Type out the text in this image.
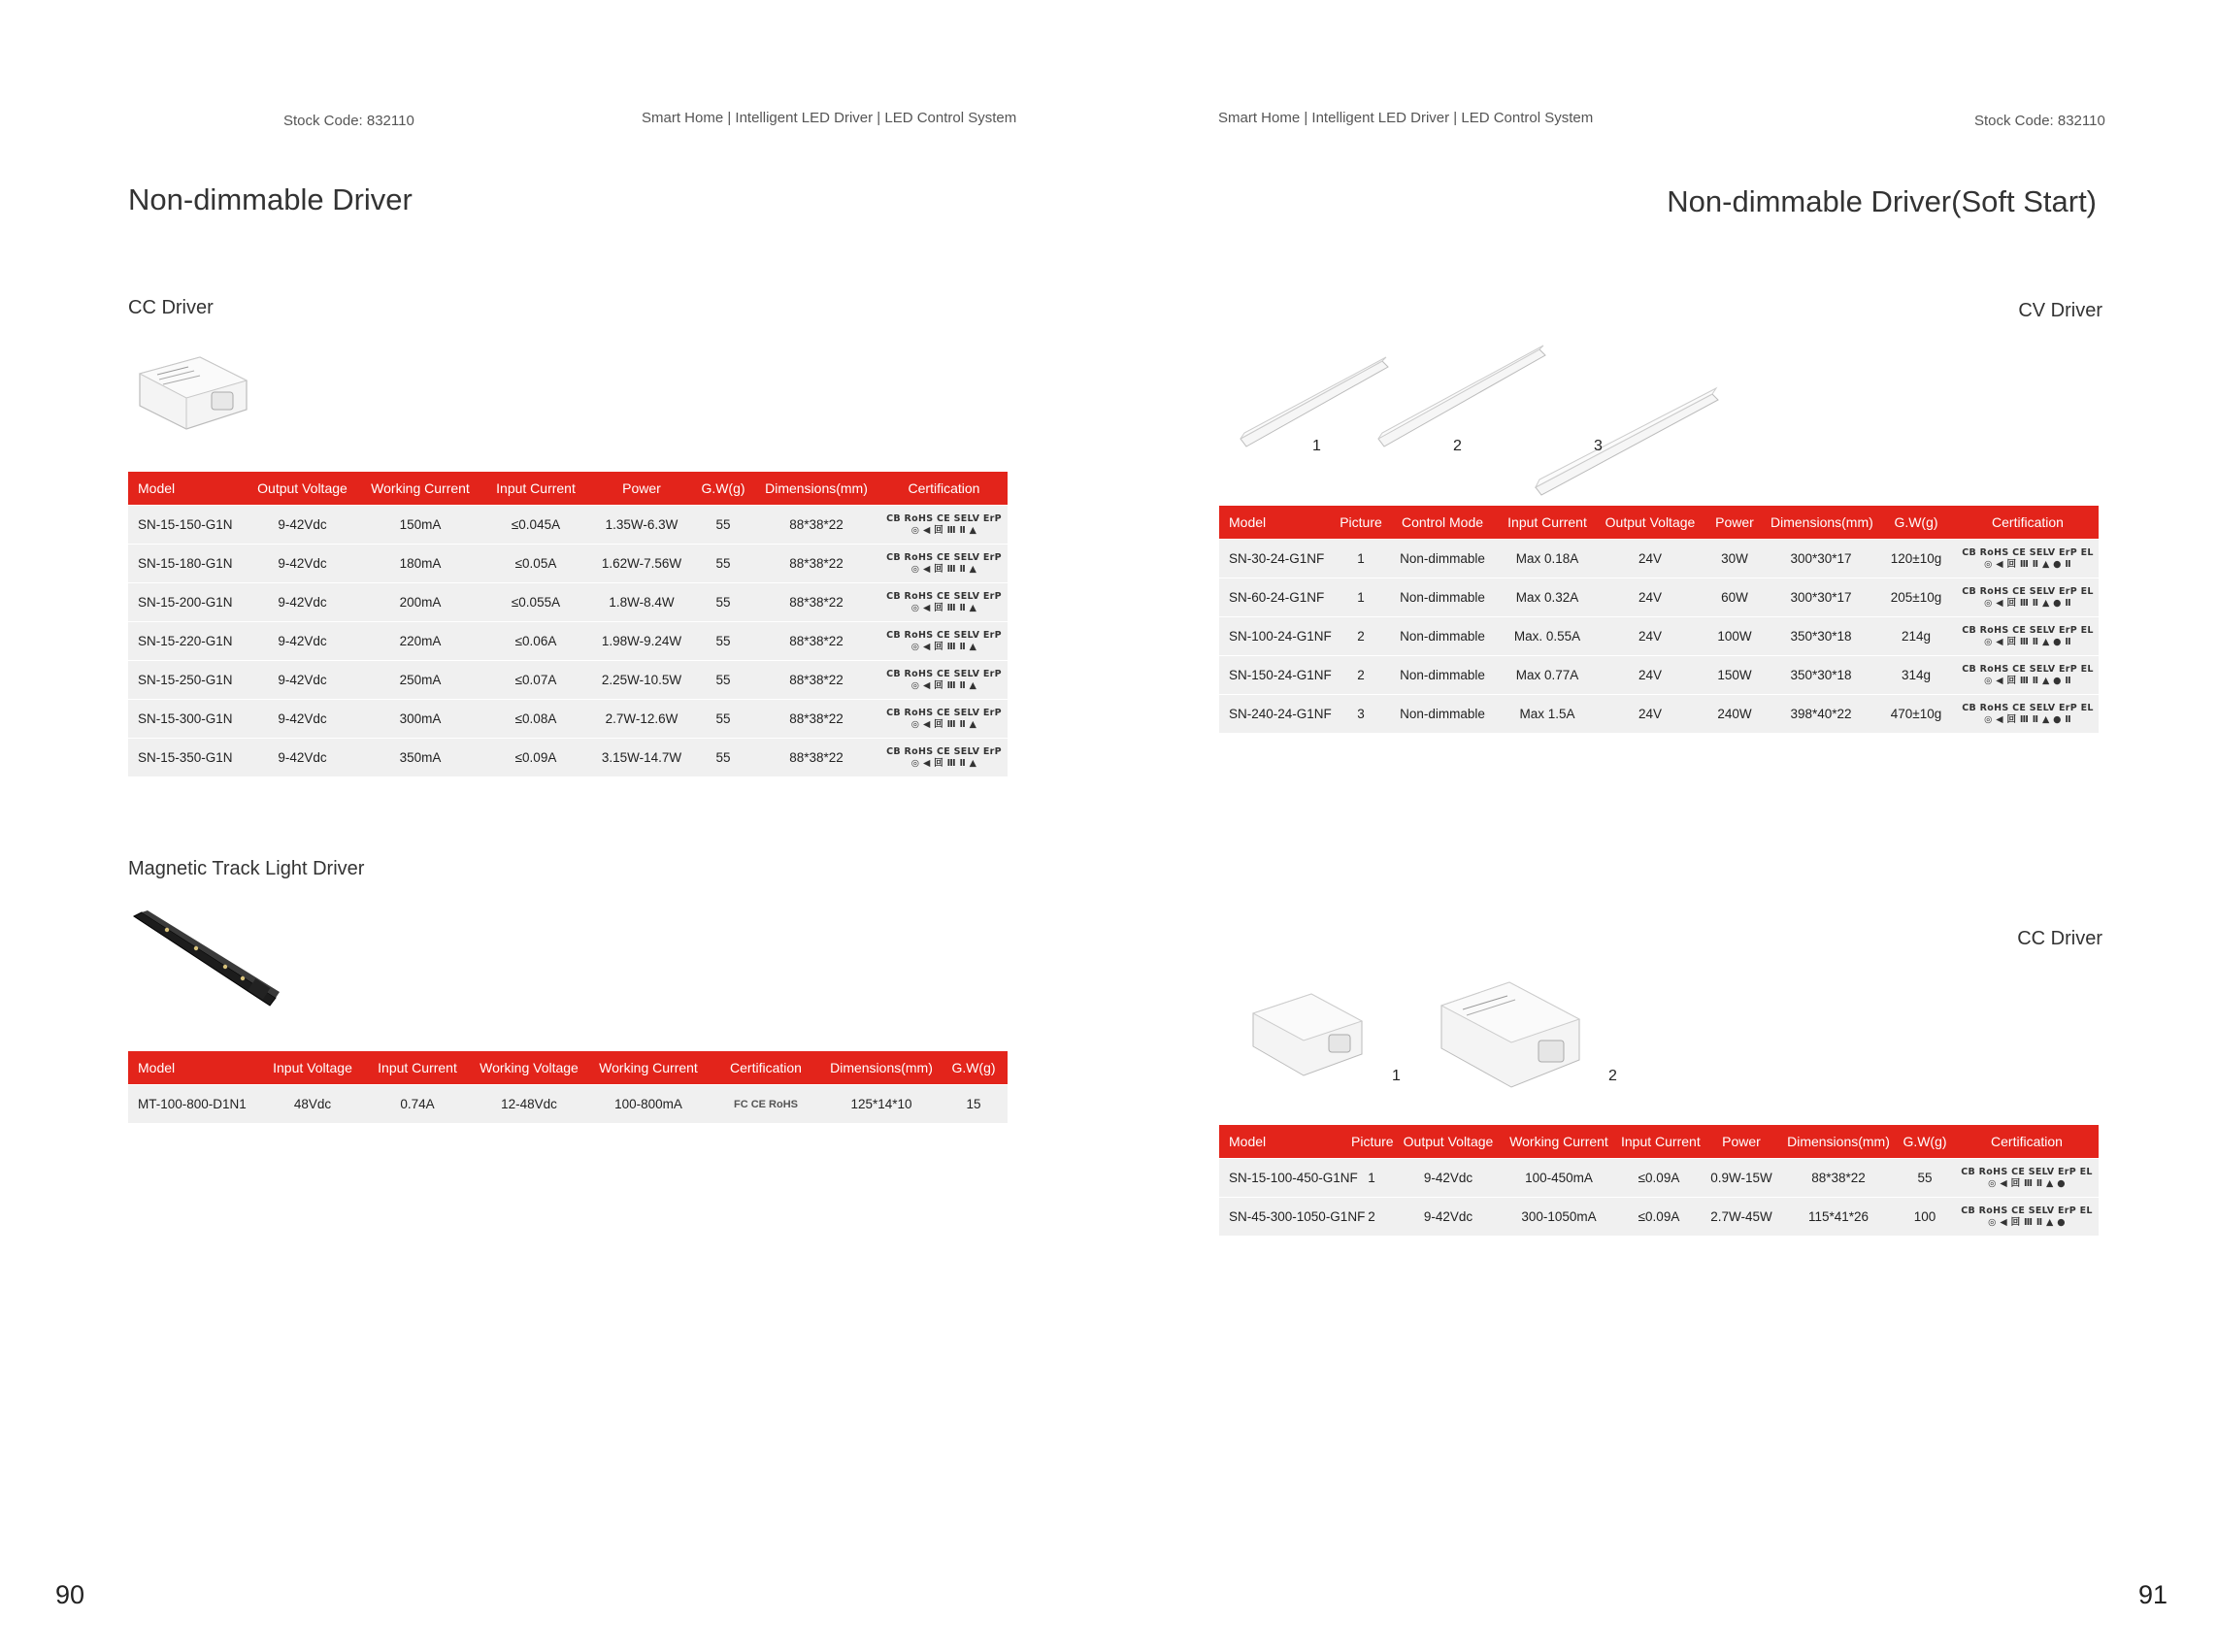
Stock Code: 832110	Smart Home | Intelligent LED Driver | LED Control System
Non-dimmable Driver
CC Driver
Model	Output Voltage	Working Current	Input Current	Power	G.W(g)	Dimensions(mm)	Certification
SN-15-150-G1N	9-42Vdc	150mA	≤0.045A	1.35W-6.3W	55	88*38*22	CB RoHS CE SELV ErP
◎ ◀ 回 Ⅲ Ⅱ ▲

SN-15-180-G1N	9-42Vdc	180mA	≤0.05A	1.62W-7.56W	55	88*38*22	CB RoHS CE SELV ErP
◎ ◀ 回 Ⅲ Ⅱ ▲

SN-15-200-G1N	9-42Vdc	200mA	≤0.055A	1.8W-8.4W	55	88*38*22	CB RoHS CE SELV ErP
◎ ◀ 回 Ⅲ Ⅱ ▲

SN-15-220-G1N	9-42Vdc	220mA	≤0.06A	1.98W-9.24W	55	88*38*22	CB RoHS CE SELV ErP
◎ ◀ 回 Ⅲ Ⅱ ▲

SN-15-250-G1N	9-42Vdc	250mA	≤0.07A	2.25W-10.5W	55	88*38*22	CB RoHS CE SELV ErP
◎ ◀ 回 Ⅲ Ⅱ ▲

SN-15-300-G1N	9-42Vdc	300mA	≤0.08A	2.7W-12.6W	55	88*38*22	CB RoHS CE SELV ErP
◎ ◀ 回 Ⅲ Ⅱ ▲

SN-15-350-G1N	9-42Vdc	350mA	≤0.09A	3.15W-14.7W	55	88*38*22	CB RoHS CE SELV ErP
◎ ◀ 回 Ⅲ Ⅱ ▲
Magnetic Track Light Driver
Model	Input Voltage	Input Current	Working Voltage	Working Current	Certification	Dimensions(mm)	G.W(g)
MT-100-800-D1N1	48Vdc	0.74A	12-48Vdc	100-800mA	FC CE RoHS	125*14*10	15
90
Smart Home | Intelligent LED Driver | LED Control System	Stock Code: 832110
Non-dimmable Driver(Soft Start)
CV Driver
1	2	3
Model	Picture	Control Mode	Input Current	Output Voltage	Power	Dimensions(mm)	G.W(g)	Certification
SN-30-24-G1NF	1	Non-dimmable	Max 0.18A	24V	30W	300*30*17	120±10g	CB RoHS CE SELV ErP EL
◎ ◀ 回 Ⅲ Ⅱ ▲ ● Ⅱ

SN-60-24-G1NF	1	Non-dimmable	Max 0.32A	24V	60W	300*30*17	205±10g	CB RoHS CE SELV ErP EL
◎ ◀ 回 Ⅲ Ⅱ ▲ ● Ⅱ

SN-100-24-G1NF	2	Non-dimmable	Max. 0.55A	24V	100W	350*30*18	214g	CB RoHS CE SELV ErP EL
◎ ◀ 回 Ⅲ Ⅱ ▲ ● Ⅱ

SN-150-24-G1NF	2	Non-dimmable	Max 0.77A	24V	150W	350*30*18	314g	CB RoHS CE SELV ErP EL
◎ ◀ 回 Ⅲ Ⅱ ▲ ● Ⅱ

SN-240-24-G1NF	3	Non-dimmable	Max 1.5A	24V	240W	398*40*22	470±10g	CB RoHS CE SELV ErP EL
◎ ◀ 回 Ⅲ Ⅱ ▲ ● Ⅱ
CC Driver
1	2
Model	Picture	Output Voltage	Working Current	Input Current	Power	Dimensions(mm)	G.W(g)	Certification
SN-15-100-450-G1NF	1	9-42Vdc	100-450mA	≤0.09A	0.9W-15W	88*38*22	55	CB RoHS CE SELV ErP EL
◎ ◀ 回 Ⅲ Ⅱ ▲ ●

SN-45-300-1050-G1NF	2	9-42Vdc	300-1050mA	≤0.09A	2.7W-45W	115*41*26	100	CB RoHS CE SELV ErP EL
◎ ◀ 回 Ⅲ Ⅱ ▲ ●
91
